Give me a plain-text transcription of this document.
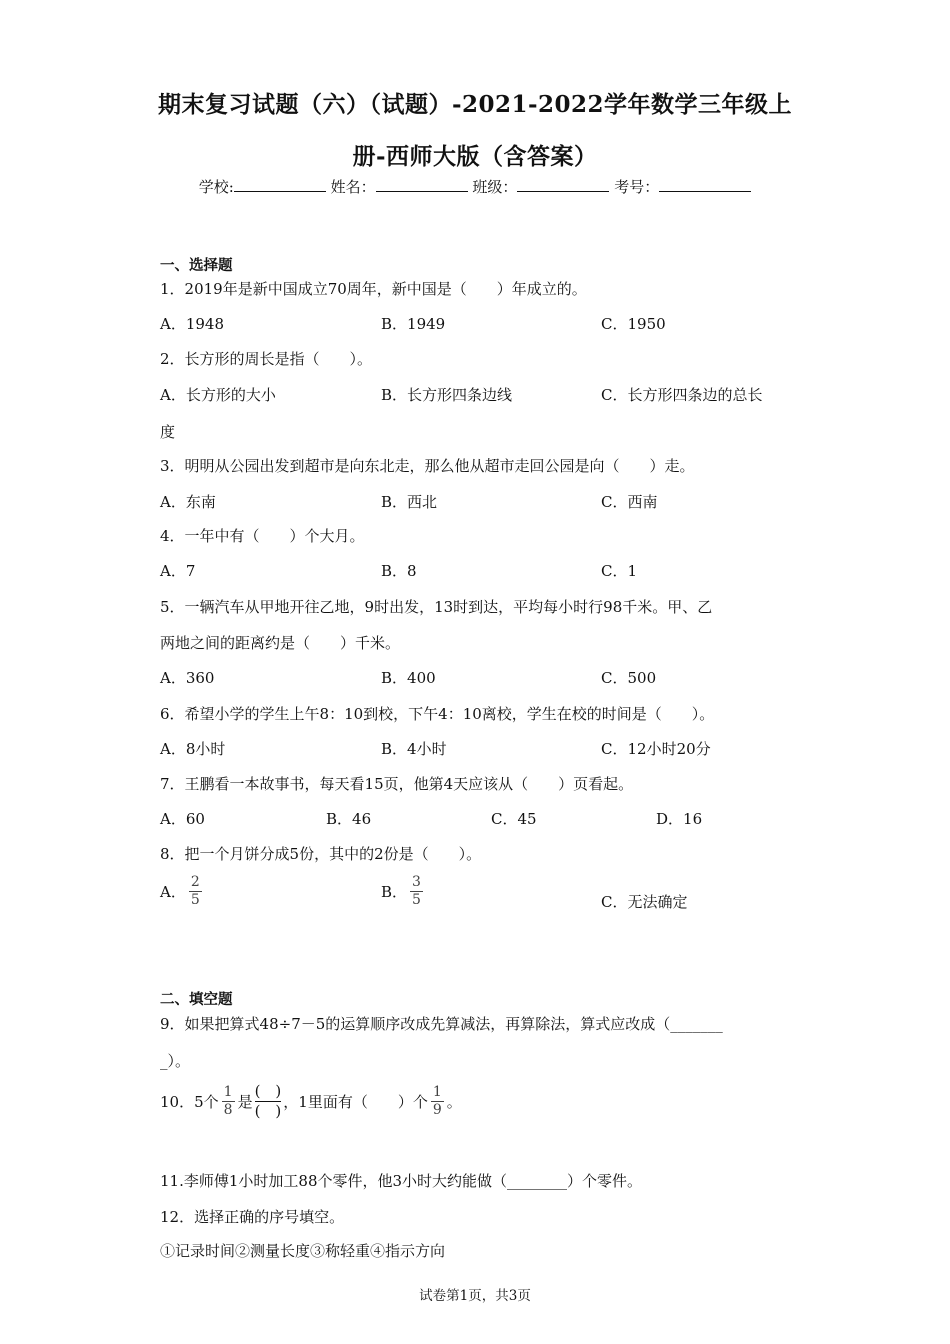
期末复习试题（六）（试题）-2021-2022学年数学三年级上
册-西师大版（含答案）
学校:	姓名：	班级：	考号：
一、选择题
1．2019年是新中国成立70周年，新中国是（　　）年成立的。
A．1948	B．1949	C．1950
2．长方形的周长是指（　　）。
A．长方形的大小	B．长方形四条边线	C．长方形四条边的总长
度
3．明明从公园出发到超市是向东北走，那么他从超市走回公园是向（　　）走。
A．东南	B．西北	C．西南
4．一年中有（　　）个大月。
A．7	B．8	C．1
5．一辆汽车从甲地开往乙地，9时出发，13时到达，平均每小时行98千米。甲、乙
两地之间的距离约是（　　）千米。
A．360	B．400	C．500
6．希望小学的学生上午8：10到校，下午4：10离校，学生在校的时间是（　　）。
A．8小时	B．4小时	C．12小时20分
7．王鹏看一本故事书，每天看15页，他第4天应该从（　　）页看起。
A．60	B．46	C．45	D．16
8．把一个月饼分成5份，其中的2份是（　　）。
A． $\frac{2}{5}$	B． $\frac{3}{5}$	C．无法确定
二、填空题
9．如果把算式48÷7－5的运算顺序改成先算减法，再算除法，算式应改成（_______
_）。
10．5个 $\frac{1}{8}$ 是 $\frac{( )}{( )}$ ，1里面有（　　）个 $\frac{1}{9}$ 。
11.李师傅1小时加工88个零件，他3小时大约能做（________）个零件。
12．选择正确的序号填空。
①记录时间②测量长度③称轻重④指示方向
试卷第1页，共3页
